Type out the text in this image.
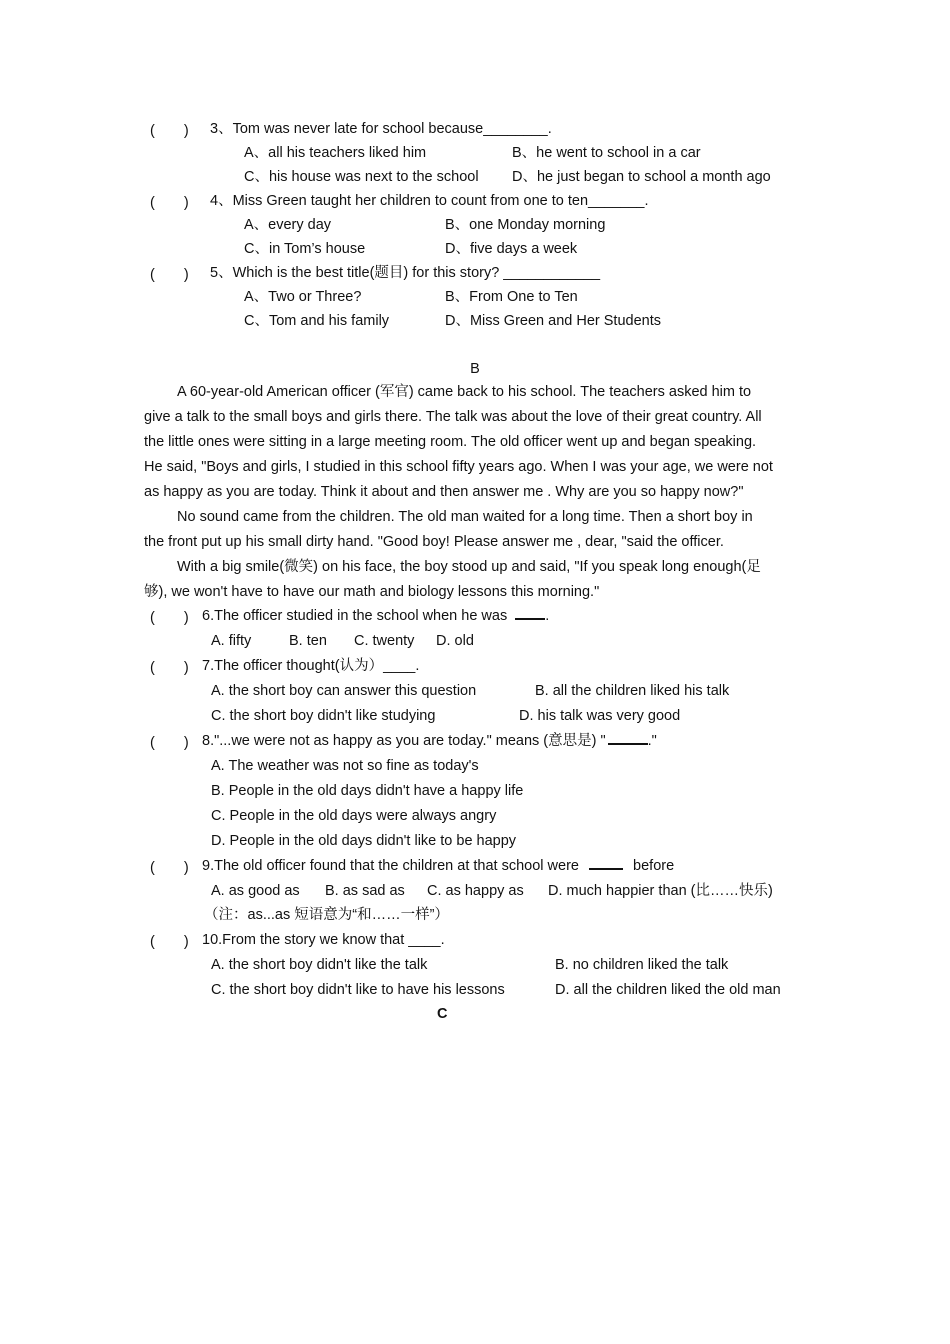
(　　) 3、Tom was never late for school because________.
A、all his teachers liked him	B、he went to school in a car
C、his house was next to the school D、he just began to school a month ago
(　　) 4、Miss Green taught her children to count from one to ten_______.
A、every day	B、one Monday morning
C、in Tom’s house	D、five days a week
(　　) 5、Which is the best title(题目) for this story? ____________
A、Two or Three?	B、From One to Ten
C、Tom and his family	D、Miss Green and Her Students
B
A 60-year-old American officer (军官) came back to his school. The teachers asked him to
give a talk to the small boys and girls there. The talk was about the love of their great country. All
the little ones were sitting in a large meeting room. The old officer went up and began speaking.
He said, "Boys and girls, I studied in this school fifty years ago. When I was your age, we were not
as happy as you are today. Think it about and then answer me . Why are you so happy now?"
No sound came from the children. The old man waited for a long time. Then a short boy in
the front put up his small dirty hand. "Good boy! Please answer me , dear, "said the officer.
With a big smile(微笑) on his face, the boy stood up and said, "If you speak long enough(足
够), we won't have to have our math and biology lessons this morning."
(　　) 6.The officer studied in the school when he was	.
A. fifty	B. ten C. twenty D. old
(　　) 7.The officer thought(认为）____.
A. the short boy can answer this question	B. all the children liked his talk
C. the short boy didn't like studying	D. his talk was very good
(　　) 8."...we were not as happy as you are today." means (意思是) "	."
A. The weather was not so fine as today's
B. People in the old days didn't have a happy life
C. People in the old days were always angry
D. People in the old days didn't like to be happy
(　　) 9.The old officer found that the children at that school were	before
A. as good as B. as sad as C. as happy as D. much happier than (比……快乐)
（注：as...as 短语意为“和……一样”）
(　　) 10.From the story we know that ____.
A. the short boy didn't like the talk	B. no children liked the talk
C. the short boy didn't like to have his lessons	D. all the children liked the old man
C
